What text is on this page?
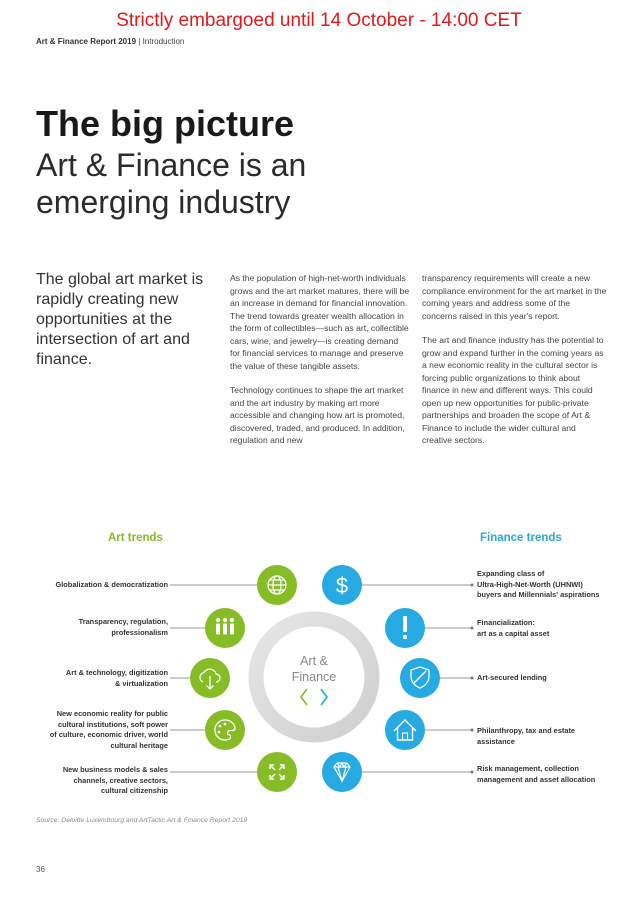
Strictly embargoed until 14 October - 14:00 CET
Art & Finance Report 2019 | Introduction
The big picture
Art & Finance is an
emerging industry
The global art market is rapidly creating new opportunities at the intersection of art and finance.

As the population of high-net-worth individuals grows and the art market matures, there will be an increase in demand for financial innovation. The trend towards greater wealth allocation in the form of collectibles—such as art, collectible cars, wine, and jewelry—is creating demand for financial services to manage and preserve the value of these tangible assets.

Technology continues to shape the art market and the art industry by making art more accessible and changing how art is promoted, discovered, traded, and produced. In addition, regulation and new

transparency requirements will create a new compliance environment for the art market in the coming years and address some of the concerns raised in this year's report.

The art and finance industry has the potential to grow and expand further in the coming years as a new economic reality in the cultural sector is forcing public organizations to think about finance in new and different ways. This could open up new opportunities for public-private partnerships and broaden the scope of Art & Finance to include the wider cultural and creative sectors.

Art trends	Finance trends
Art &
Finance
$
Globalization & democratization
Transparency, regulation,
professionalism
Art & technology, digitization
& virtualization
New economic reality for public
cultural institutions, soft power
of culture, economic driver, world
cultural heritage
New business models & sales
channels, creative sectors,
cultural citizenship
Expanding class of
Ultra-High-Net-Worth (UHNWI)
buyers and Millennials' aspirations
Financialization:
art as a capital asset
Art-secured lending
Philanthropy, tax and estate
assistance
Risk management, collection
management and asset allocation
Source: Deloitte Luxembourg and ArtTactic Art & Finance Report 2019
36
